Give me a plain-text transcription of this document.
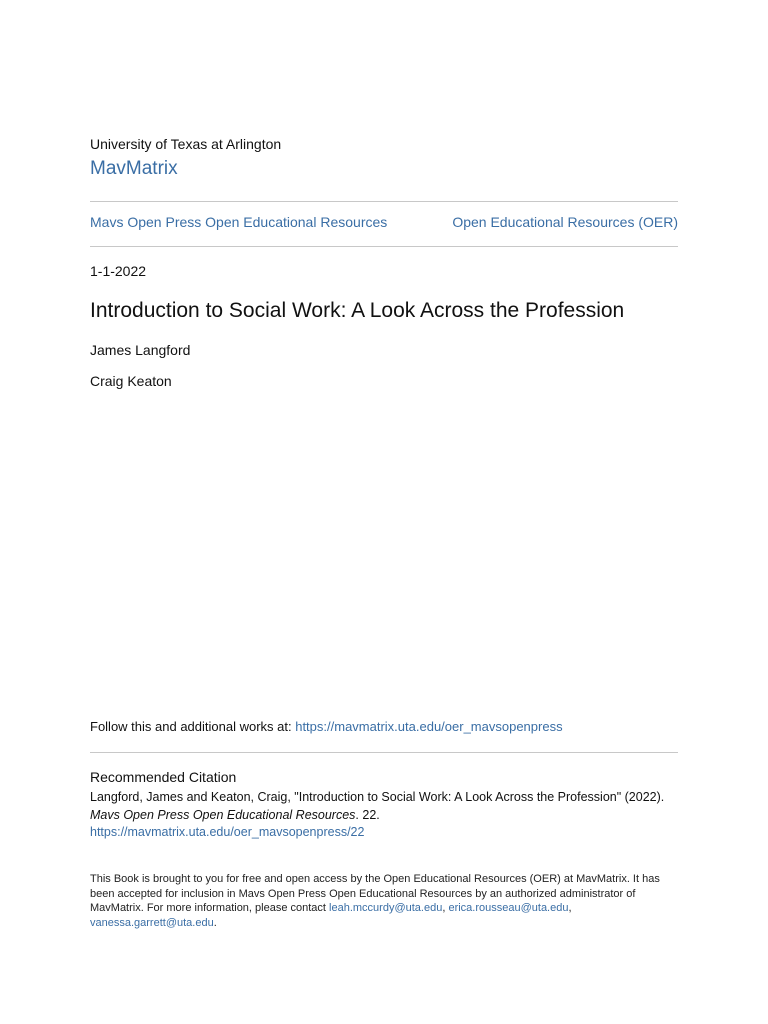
University of Texas at Arlington
MavMatrix
Mavs Open Press Open Educational Resources	Open Educational Resources (OER)
1-1-2022
Introduction to Social Work: A Look Across the Profession
James Langford
Craig Keaton
Follow this and additional works at: https://mavmatrix.uta.edu/oer_mavsopenpress
Recommended Citation
Langford, James and Keaton, Craig, "Introduction to Social Work: A Look Across the Profession" (2022).
Mavs Open Press Open Educational Resources. 22.
https://mavmatrix.uta.edu/oer_mavsopenpress/22
This Book is brought to you for free and open access by the Open Educational Resources (OER) at MavMatrix. It has been accepted for inclusion in Mavs Open Press Open Educational Resources by an authorized administrator of MavMatrix. For more information, please contact leah.mccurdy@uta.edu, erica.rousseau@uta.edu,
vanessa.garrett@uta.edu.
